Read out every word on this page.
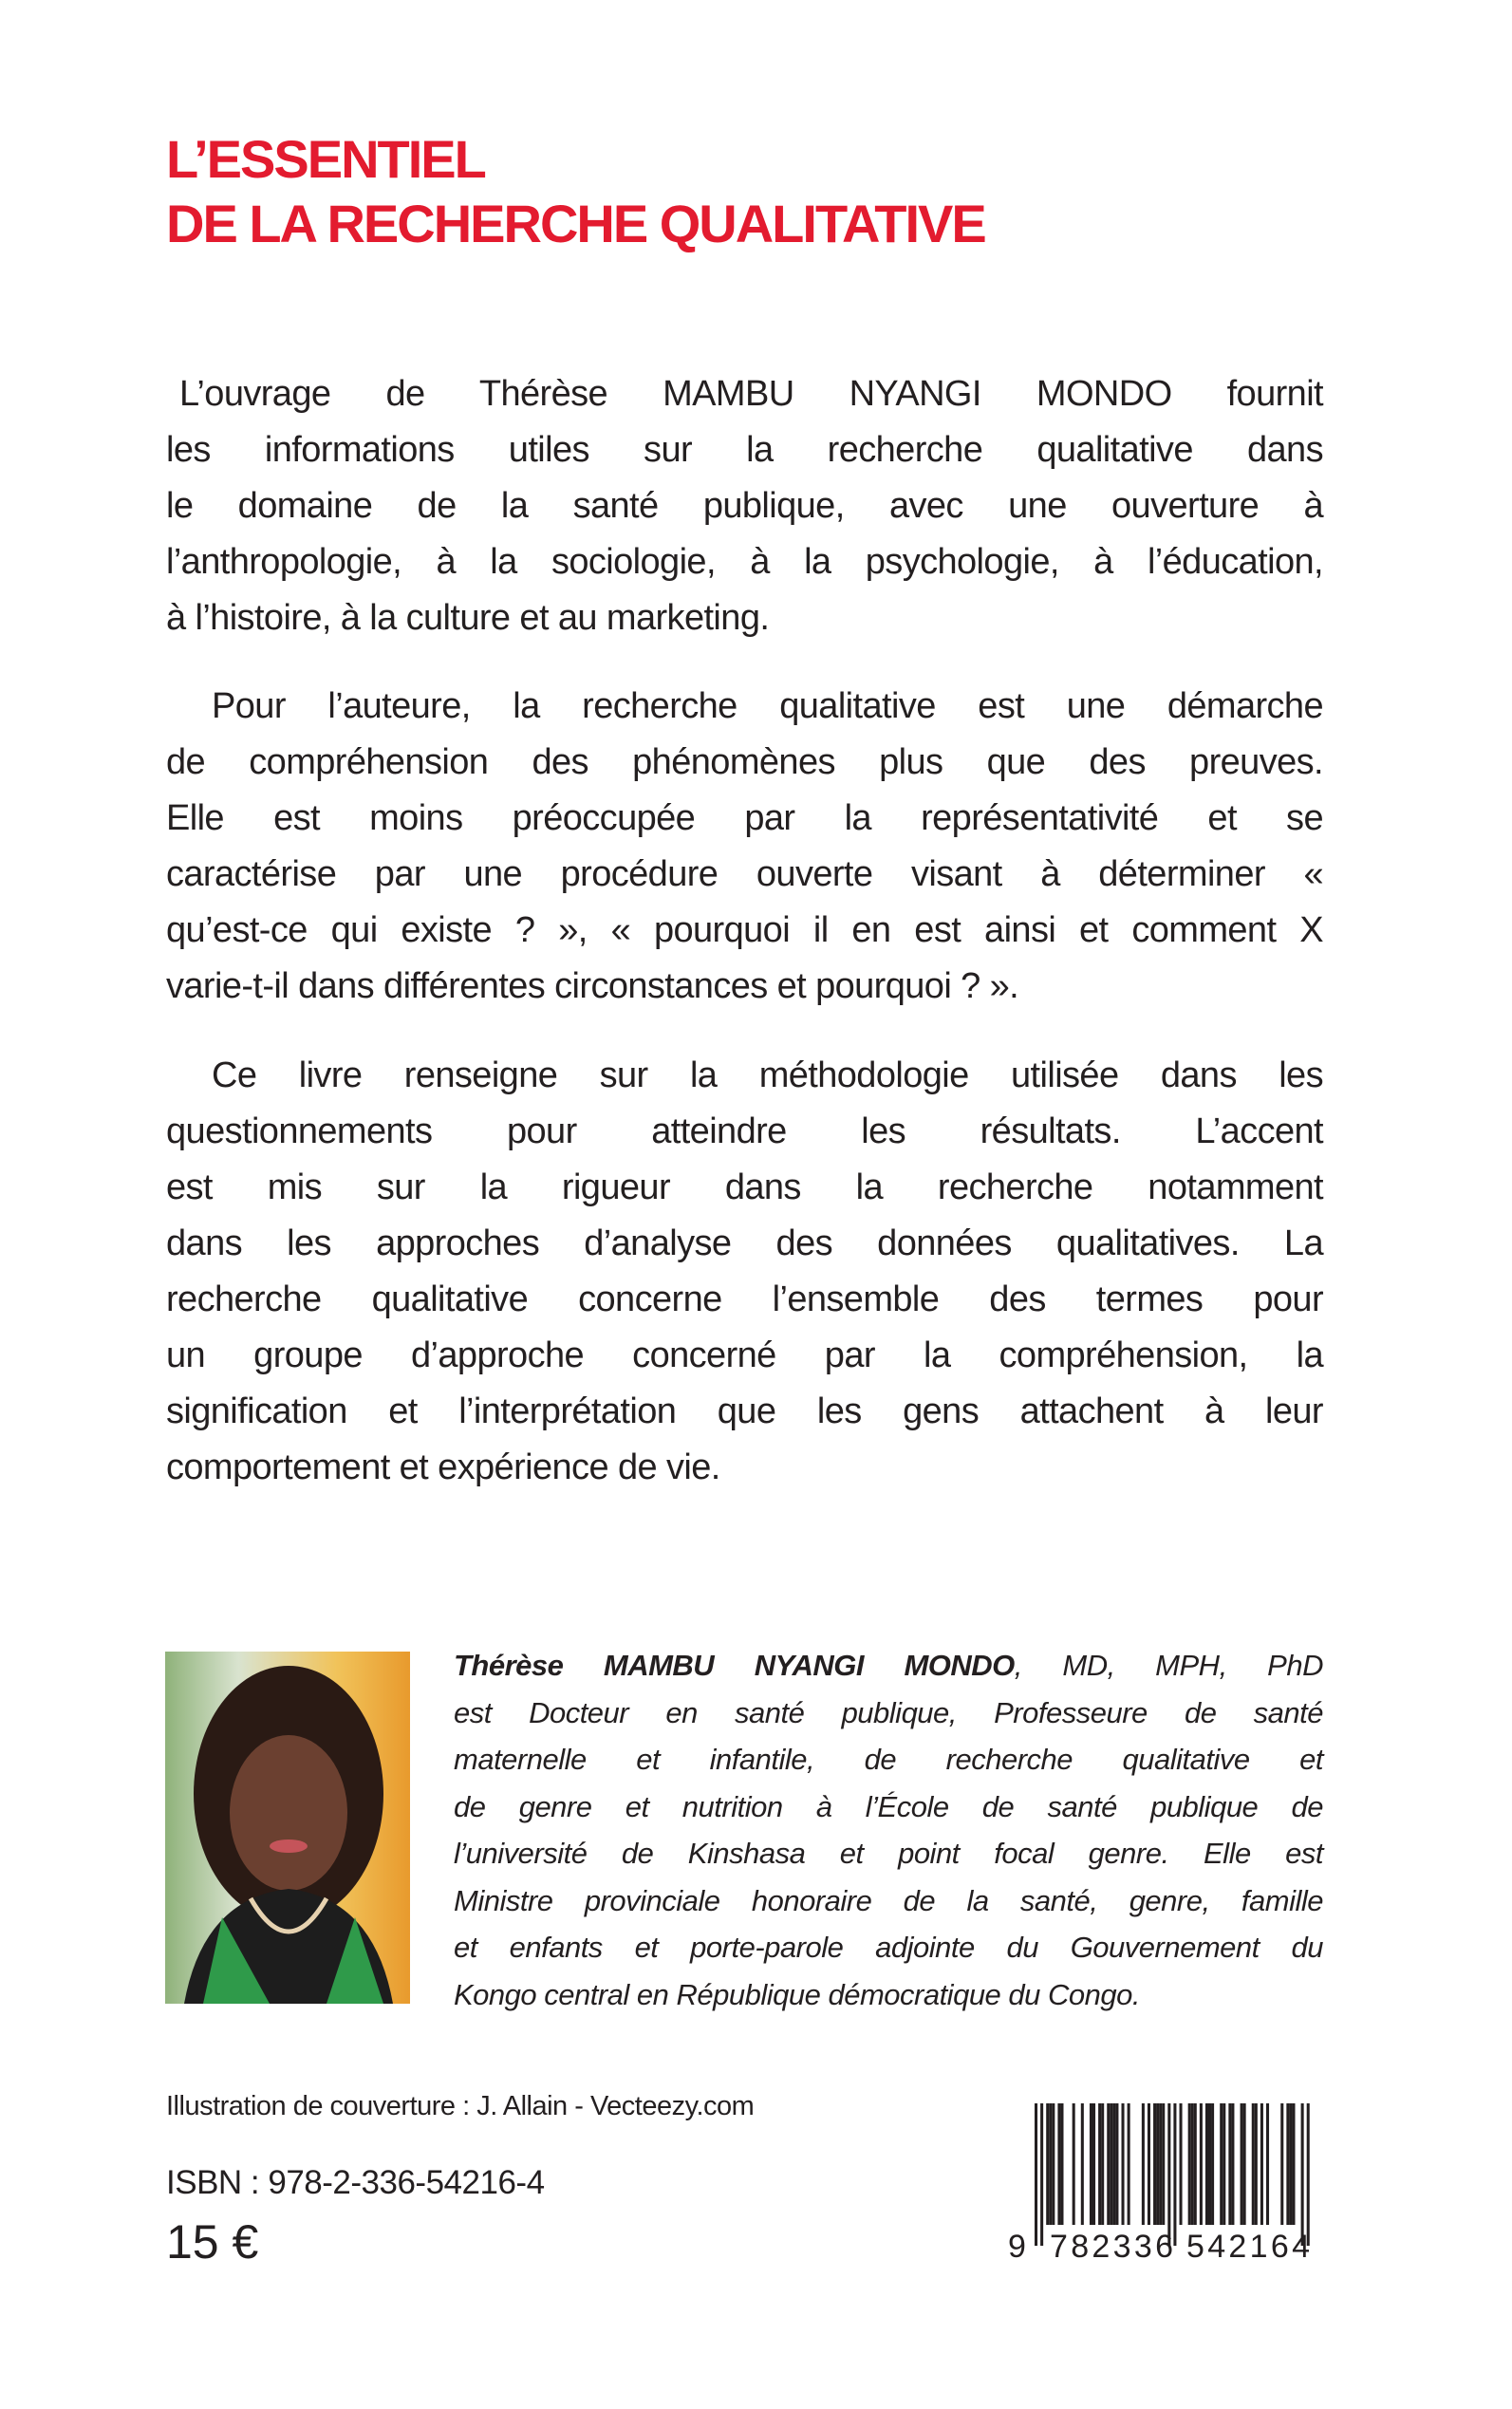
L’ESSENTIEL
DE LA RECHERCHE QUALITATIVE
L’ouvrage de Thérèse MAMBU NYANGI MONDO fournit
les informations utiles sur la recherche qualitative dans
le domaine de la santé publique, avec une ouverture à
l’anthropologie, à la sociologie, à la psychologie, à l’éducation,
à l’histoire, à la culture et au marketing.
Pour l’auteure, la recherche qualitative est une démarche
de compréhension des phénomènes plus que des preuves.
Elle est moins préoccupée par la représentativité et se
caractérise par une procédure ouverte visant à déterminer «
qu’est-ce qui existe ? », « pourquoi il en est ainsi et comment X
varie-t-il dans différentes circonstances et pourquoi ? ».
Ce livre renseigne sur la méthodologie utilisée dans les
questionnements pour atteindre les résultats. L’accent
est mis sur la rigueur dans la recherche notamment
dans les approches d’analyse des données qualitatives. La
recherche qualitative concerne l’ensemble des termes pour
un groupe d’approche concerné par la compréhension, la
signification et l’interprétation que les gens attachent à leur
comportement et expérience de vie.
Thérèse MAMBU NYANGI MONDO, MD, MPH, PhD
est Docteur en santé publique, Professeure de santé
maternelle et infantile, de recherche qualitative et
de genre et nutrition à l’École de santé publique de
l’université de Kinshasa et point focal genre. Elle est
Ministre provinciale honoraire de la santé, genre, famille
et enfants et porte-parole adjointe du Gouvernement du
Kongo central en République démocratique du Congo.
Illustration de couverture : J. Allain - Vecteezy.com
ISBN : 978-2-336-54216-4
15 €	9 782336 542164
